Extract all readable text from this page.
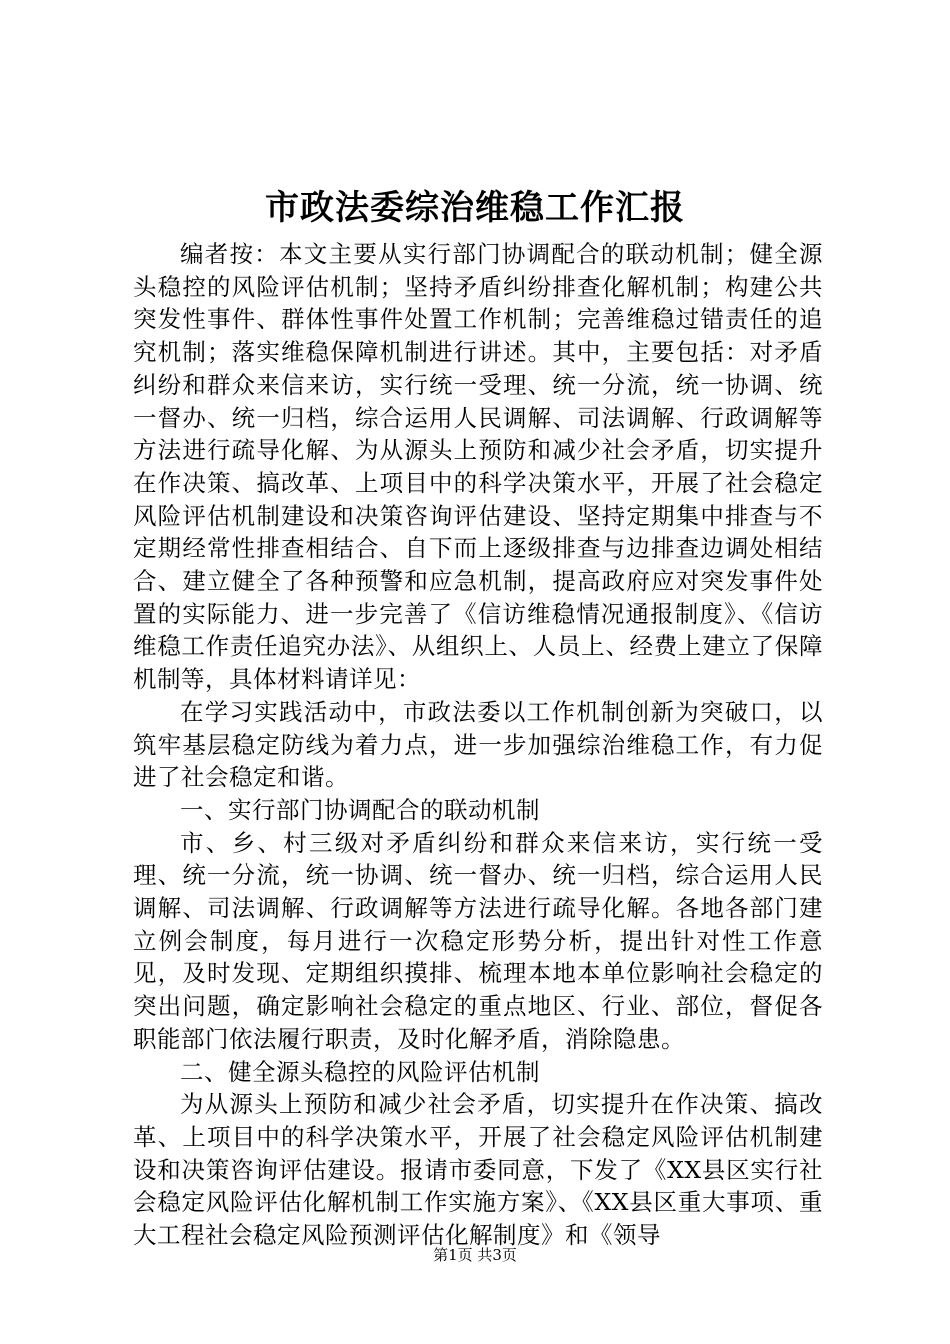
市政法委综治维稳工作汇报

编者按：本文主要从实行部门协调配合的联动机制；健全源头稳控的风险评估机制；坚持矛盾纠纷排查化解机制；构建公共突发性事件、群体性事件处置工作机制；完善维稳过错责任的追究机制；落实维稳保障机制进行讲述。其中，主要包括：对矛盾纠纷和群众来信来访，实行统一受理、统一分流，统一协调、统一督办、统一归档，综合运用人民调解、司法调解、行政调解等方法进行疏导化解、为从源头上预防和减少社会矛盾，切实提升在作决策、搞改革、上项目中的科学决策水平，开展了社会稳定风险评估机制建设和决策咨询评估建设、坚持定期集中排查与不定期经常性排查相结合、自下而上逐级排查与边排查边调处相结合、建立健全了各种预警和应急机制，提高政府应对突发事件处置的实际能力、进一步完善了《信访维稳情况通报制度》、《信访维稳工作责任追究办法》、从组织上、人员上、经费上建立了保障机制等，具体材料请详见：

在学习实践活动中，市政法委以工作机制创新为突破口，以筑牢基层稳定防线为着力点，进一步加强综治维稳工作，有力促进了社会稳定和谐。

一、实行部门协调配合的联动机制

市、乡、村三级对矛盾纠纷和群众来信来访，实行统一受理、统一分流，统一协调、统一督办、统一归档，综合运用人民调解、司法调解、行政调解等方法进行疏导化解。各地各部门建立例会制度，每月进行一次稳定形势分析，提出针对性工作意见，及时发现、定期组织摸排、梳理本地本单位影响社会稳定的突出问题，确定影响社会稳定的重点地区、行业、部位，督促各职能部门依法履行职责，及时化解矛盾，消除隐患。

二、健全源头稳控的风险评估机制

为从源头上预防和减少社会矛盾，切实提升在作决策、搞改革、上项目中的科学决策水平，开展了社会稳定风险评估机制建设和决策咨询评估建设。报请市委同意，下发了《XX县区实行社会稳定风险评估化解机制工作实施方案》、《XX县区重大事项、重大工程社会稳定风险预测评估化解制度》和《领导

第1页 共3页
